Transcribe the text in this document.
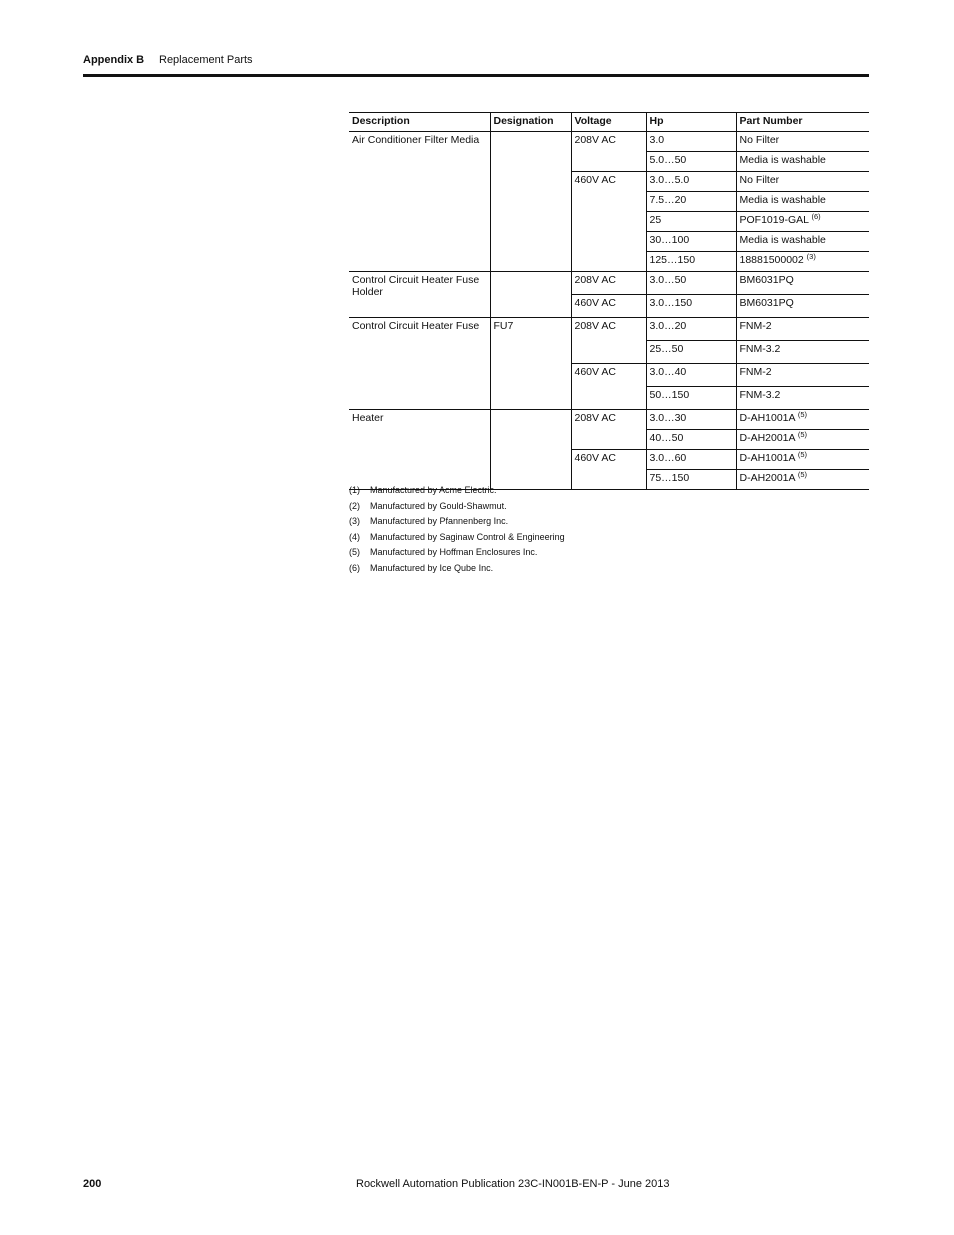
Appendix B Replacement Parts
Description	Designation	Voltage	Hp	Part Number
Air Conditioner Filter Media		208V AC	3.0	No Filter
			5.0…50	Media is washable
		460V AC	3.0…5.0	No Filter
			7.5…20	Media is washable
			25	POF1019-GAL $^{(6)}$
			30…100	Media is washable
			125…150	18881500002 $^{(3)}$
Control Circuit Heater Fuse Holder		208V AC	3.0…50	BM6031PQ
		460V AC	3.0…150	BM6031PQ
Control Circuit Heater Fuse	FU7	208V AC	3.0…20	FNM-2
			25…50	FNM-3.2
		460V AC	3.0…40	FNM-2
			50…150	FNM-3.2
Heater		208V AC	3.0…30	D-AH1001A $^{(5)}$
			40…50	D-AH2001A $^{(5)}$
		460V AC	3.0…60	D-AH1001A $^{(5)}$
			75…150	D-AH2001A $^{(5)}$
(1) Manufactured by Acme Electric.
(2) Manufactured by Gould-Shawmut.
(3) Manufactured by Pfannenberg Inc.
(4) Manufactured by Saginaw Control & Engineering
(5) Manufactured by Hoffman Enclosures Inc.
(6) Manufactured by Ice Qube Inc.
200	Rockwell Automation Publication 23C-IN001B-EN-P - June 2013
